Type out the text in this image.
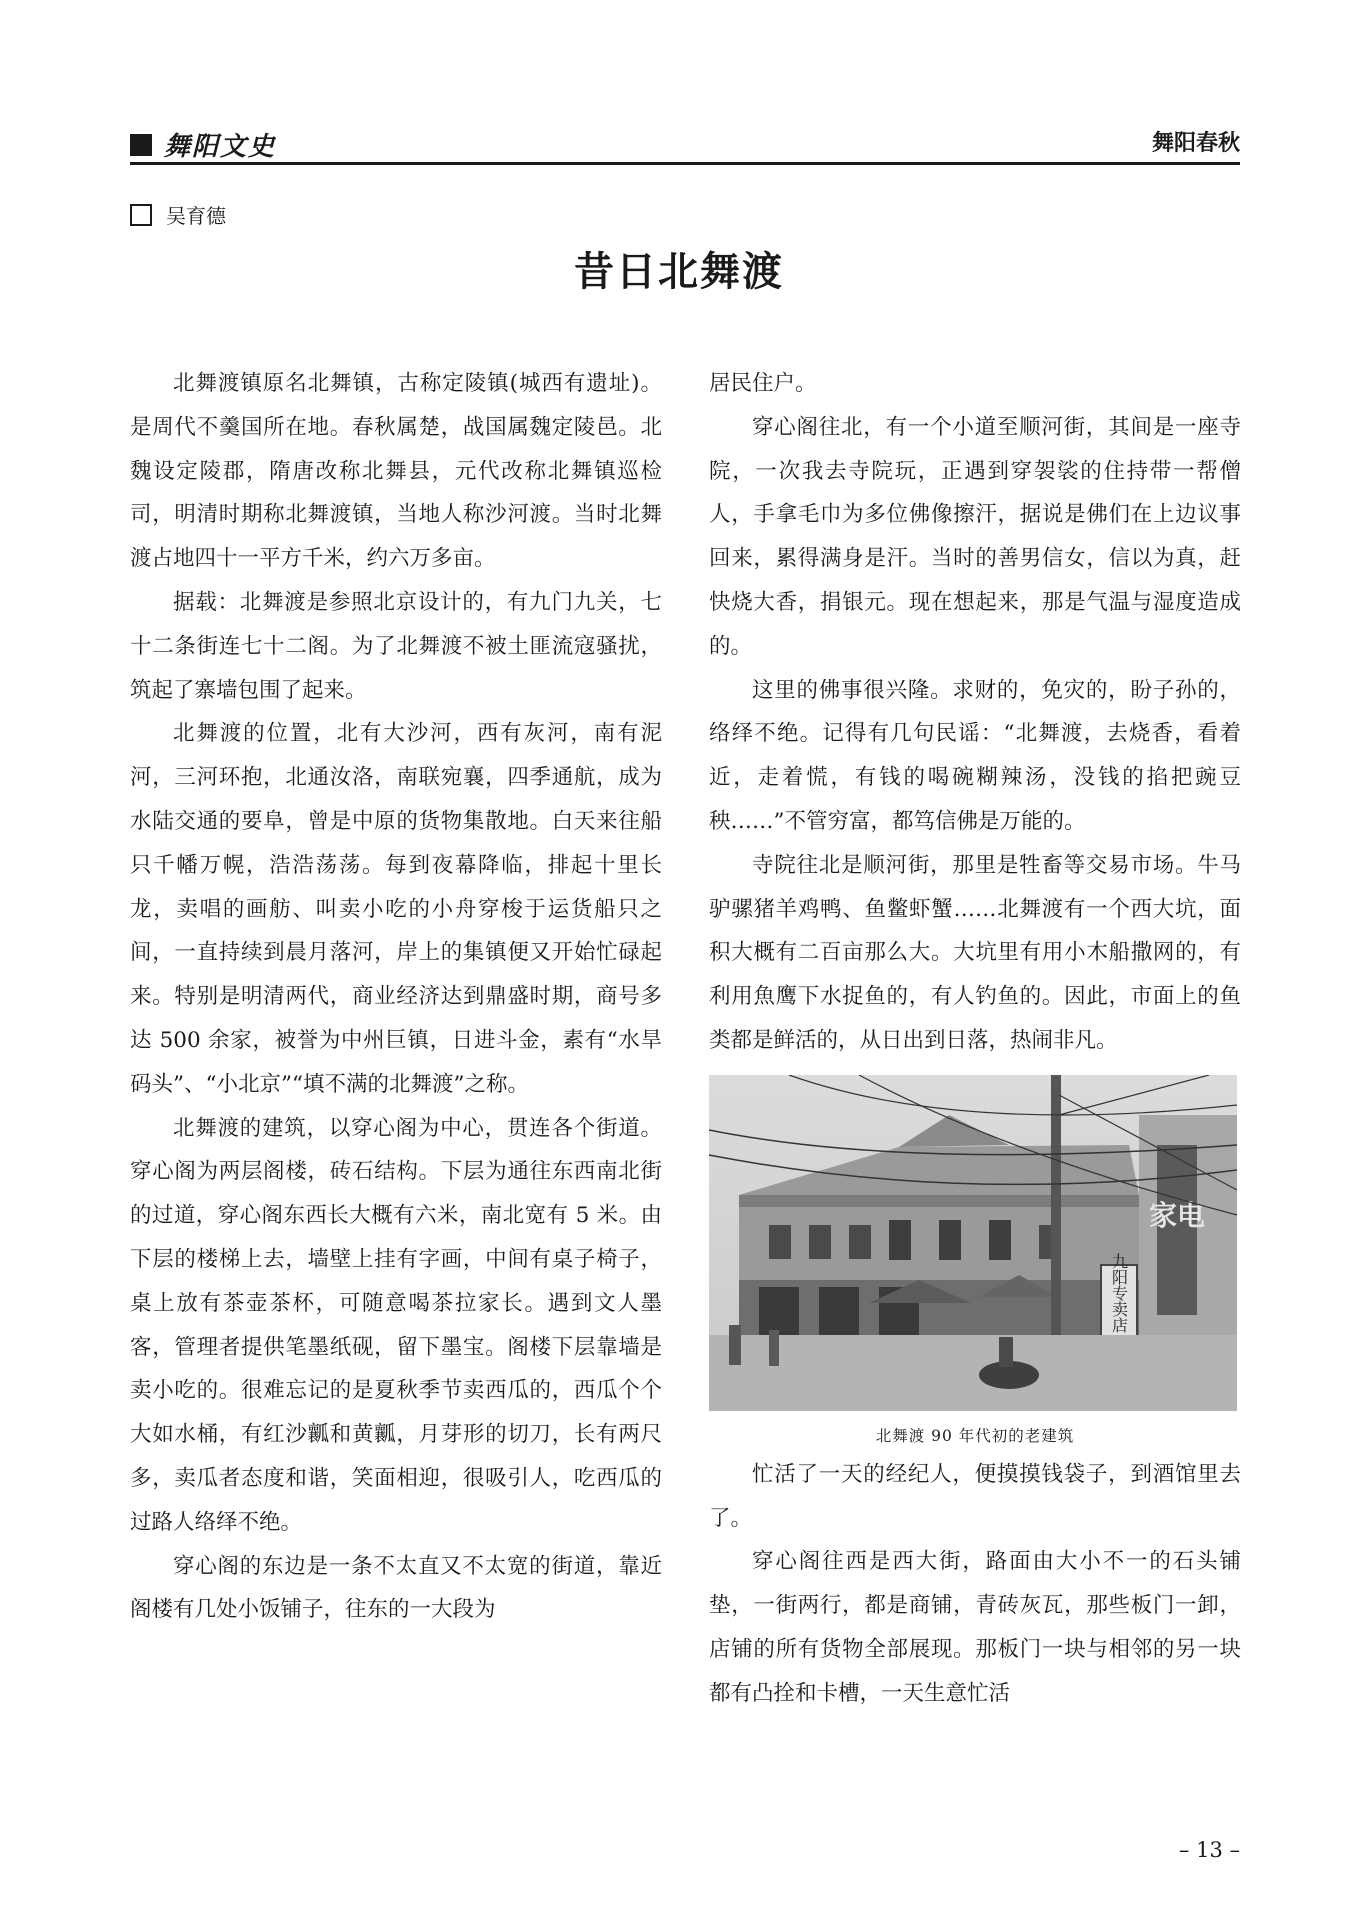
舞阳文史	舞阳春秋
吴育德
昔日北舞渡

北舞渡镇原名北舞镇，古称定陵镇(城西有遗址)。是周代不羹国所在地。春秋属楚，战国属魏定陵邑。北魏设定陵郡，隋唐改称北舞县，元代改称北舞镇巡检司，明清时期称北舞渡镇，当地人称沙河渡。当时北舞渡占地四十一平方千米，约六万多亩。

据载：北舞渡是参照北京设计的，有九门九关，七十二条街连七十二阁。为了北舞渡不被土匪流寇骚扰，筑起了寨墙包围了起来。

北舞渡的位置，北有大沙河，西有灰河，南有泥河，三河环抱，北通汝洛，南联宛襄，四季通航，成为水陆交通的要阜，曾是中原的货物集散地。白天来往船只千幡万幌，浩浩荡荡。每到夜幕降临，排起十里长龙，卖唱的画舫、叫卖小吃的小舟穿梭于运货船只之间，一直持续到晨月落河，岸上的集镇便又开始忙碌起来。特别是明清两代，商业经济达到鼎盛时期，商号多达 500 余家，被誉为中州巨镇，日进斗金，素有“水旱码头”、“小北京”“填不满的北舞渡”之称。

北舞渡的建筑，以穿心阁为中心，贯连各个街道。穿心阁为两层阁楼，砖石结构。下层为通往东西南北街的过道，穿心阁东西长大概有六米，南北宽有 5 米。由下层的楼梯上去，墙壁上挂有字画，中间有桌子椅子，桌上放有茶壶茶杯，可随意喝茶拉家长。遇到文人墨客，管理者提供笔墨纸砚，留下墨宝。阁楼下层靠墙是卖小吃的。很难忘记的是夏秋季节卖西瓜的，西瓜个个大如水桶，有红沙瓤和黄瓤，月芽形的切刀，长有两尺多，卖瓜者态度和谐，笑面相迎，很吸引人，吃西瓜的过路人络绎不绝。

穿心阁的东边是一条不太直又不太宽的街道，靠近阁楼有几处小饭铺子，往东的一大段为

居民住户。

穿心阁往北，有一个小道至顺河街，其间是一座寺院，一次我去寺院玩，正遇到穿袈裟的住持带一帮僧人，手拿毛巾为多位佛像擦汗，据说是佛们在上边议事回来，累得满身是汗。当时的善男信女，信以为真，赶快烧大香，捐银元。现在想起来，那是气温与湿度造成的。

这里的佛事很兴隆。求财的，免灾的，盼子孙的，络绎不绝。记得有几句民谣：“北舞渡，去烧香，看着近，走着慌，有钱的喝碗糊辣汤，没钱的掐把豌豆秧……”不管穷富，都笃信佛是万能的。

寺院往北是顺河街，那里是牲畜等交易市场。牛马驴骡猪羊鸡鸭、鱼鳖虾蟹……北舞渡有一个西大坑，面积大概有二百亩那么大。大坑里有用小木船撒网的，有利用魚鹰下水捉鱼的，有人钓鱼的。因此，市面上的鱼类都是鲜活的，从日出到日落，热闹非凡。

家电
九阳专卖店
北舞渡 90 年代初的老建筑

忙活了一天的经纪人，便摸摸钱袋子，到酒馆里去了。

穿心阁往西是西大街，路面由大小不一的石头铺垫，一街两行，都是商铺，青砖灰瓦，那些板门一卸，店铺的所有货物全部展现。那板门一块与相邻的另一块都有凸拴和卡槽，一天生意忙活

– 13 –
